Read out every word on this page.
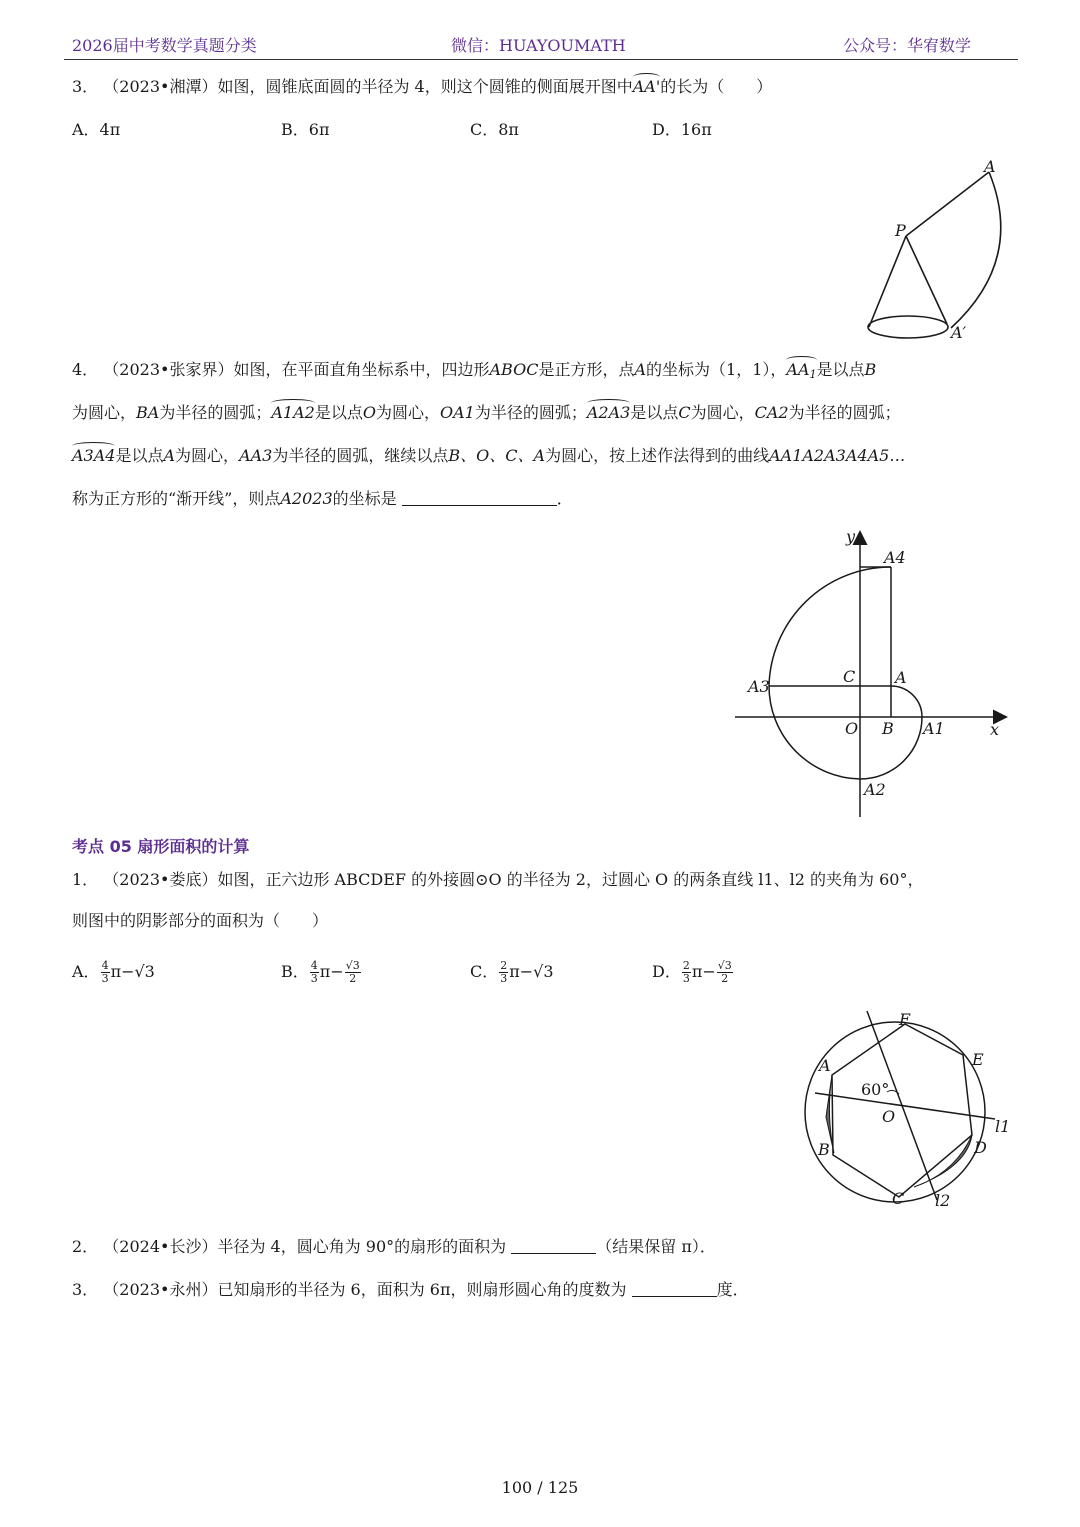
2026届中考数学真题分类	微信：HUAYOUMATH	公众号：华宥数学
3． （2023•湘潭）如图，圆锥底面圆的半径为 4，则这个圆锥的侧面展开图中AA'的长为（　　）
A．4π	B．6π	C．8π	D．16π
A
P
A′
4． （2023•张家界）如图，在平面直角坐标系中，四边形ABOC是正方形，点A的坐标为（1，1），$AA_1$是以点B
为圆心，BA为半径的圆弧；A1A2是以点O为圆心，OA1为半径的圆弧；A2A3是以点C为圆心，CA2为半径的圆弧；
A3A4是以点A为圆心，AA3为半径的圆弧，继续以点B、O、C、A为圆心，按上述作法得到的曲线AA1A2A3A4A5…
称为正方形的“渐开线”，则点A2023的坐标是	．
y
x
A4
C A
A3
O B A1
A2
考点 05 扇形面积的计算
1． （2023•娄底）如图，正六边形 ABCDEF 的外接圆⊙O 的半径为 2，过圆心 O 的两条直线 l1、l2 的夹角为 60°，
则图中的阴影部分的面积为（　　）
A． $\frac{4}{3} \pi-√3$	B． $\frac{4}{3} \pi- \frac{√3}{2}$	C． $\frac{2}{3} \pi-√3$	D． $\frac{2}{3} \pi- \frac{√3}{2}$
F
A	E
60°
O
l1
B	D
C l2
2． （2024•长沙）半径为 4，圆心角为 90°的扇形的面积为	（结果保留 π）．
3． （2023•永州）已知扇形的半径为 6，面积为 6π，则扇形圆心角的度数为	度．
100 / 125
